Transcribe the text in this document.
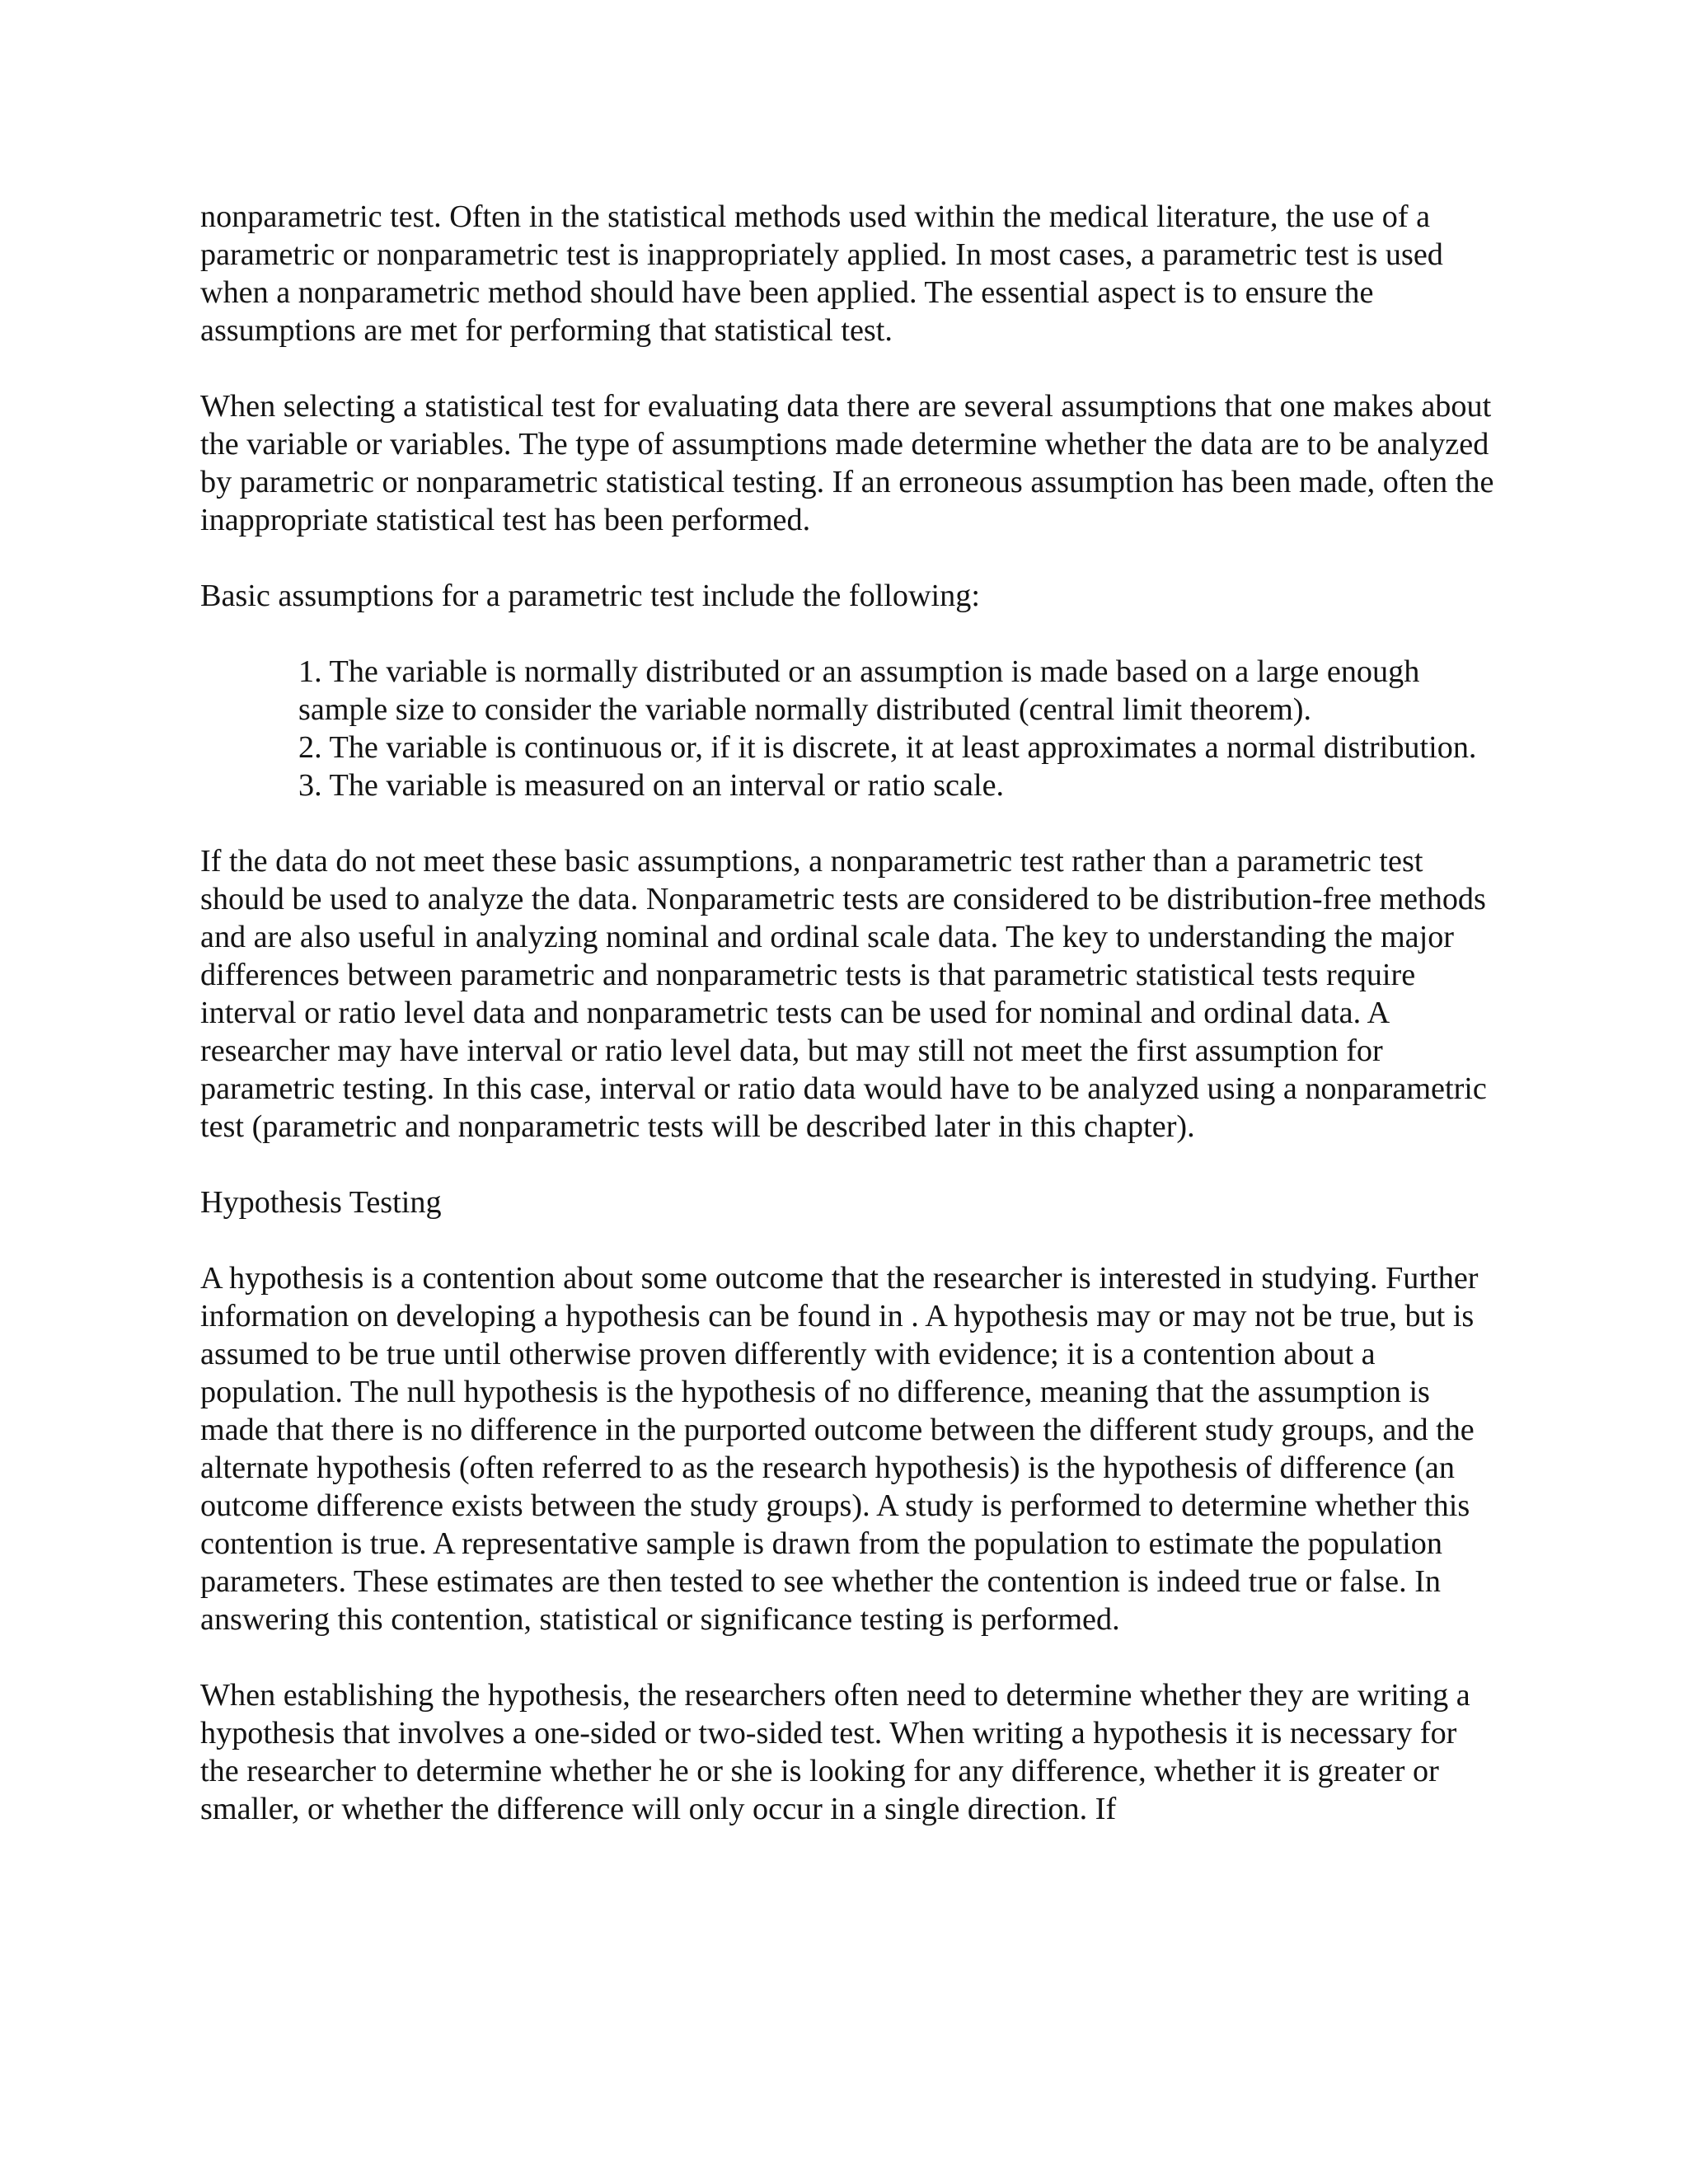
nonparametric test. Often in the statistical methods used within the medical literature, the use of a parametric or nonparametric test is inappropriately applied. In most cases, a parametric test is used when a nonparametric method should have been applied. The essential aspect is to ensure the assumptions are met for performing that statistical test.

When selecting a statistical test for evaluating data there are several assumptions that one makes about the variable or variables. The type of assumptions made determine whether the data are to be analyzed by parametric or nonparametric statistical testing. If an erroneous assumption has been made, often the inappropriate statistical test has been performed.

Basic assumptions for a parametric test include the following:

1. The variable is normally distributed or an assumption is made based on a large enough sample size to consider the variable normally distributed (central limit theorem).

2. The variable is continuous or, if it is discrete, it at least approximates a normal distribution.

3. The variable is measured on an interval or ratio scale.

If the data do not meet these basic assumptions, a nonparametric test rather than a parametric test should be used to analyze the data. Nonparametric tests are considered to be distribution-free methods and are also useful in analyzing nominal and ordinal scale data. The key to understanding the major differences between parametric and nonparametric tests is that parametric statistical tests require interval or ratio level data and nonparametric tests can be used for nominal and ordinal data. A researcher may have interval or ratio level data, but may still not meet the first assumption for parametric testing. In this case, interval or ratio data would have to be analyzed using a nonparametric test (parametric and nonparametric tests will be described later in this chapter).

Hypothesis Testing

A hypothesis is a contention about some outcome that the researcher is interested in studying. Further information on developing a hypothesis can be found in . A hypothesis may or may not be true, but is assumed to be true until otherwise proven differently with evidence; it is a contention about a population. The null hypothesis is the hypothesis of no difference, meaning that the assumption is made that there is no difference in the purported outcome between the different study groups, and the alternate hypothesis (often referred to as the research hypothesis) is the hypothesis of difference (an outcome difference exists between the study groups). A study is performed to determine whether this contention is true. A representative sample is drawn from the population to estimate the population parameters. These estimates are then tested to see whether the contention is indeed true or false. In answering this contention, statistical or significance testing is performed.

When establishing the hypothesis, the researchers often need to determine whether they are writing a hypothesis that involves a one-sided or two-sided test. When writing a hypothesis it is necessary for the researcher to determine whether he or she is looking for any difference, whether it is greater or smaller, or whether the difference will only occur in a single direction. If
